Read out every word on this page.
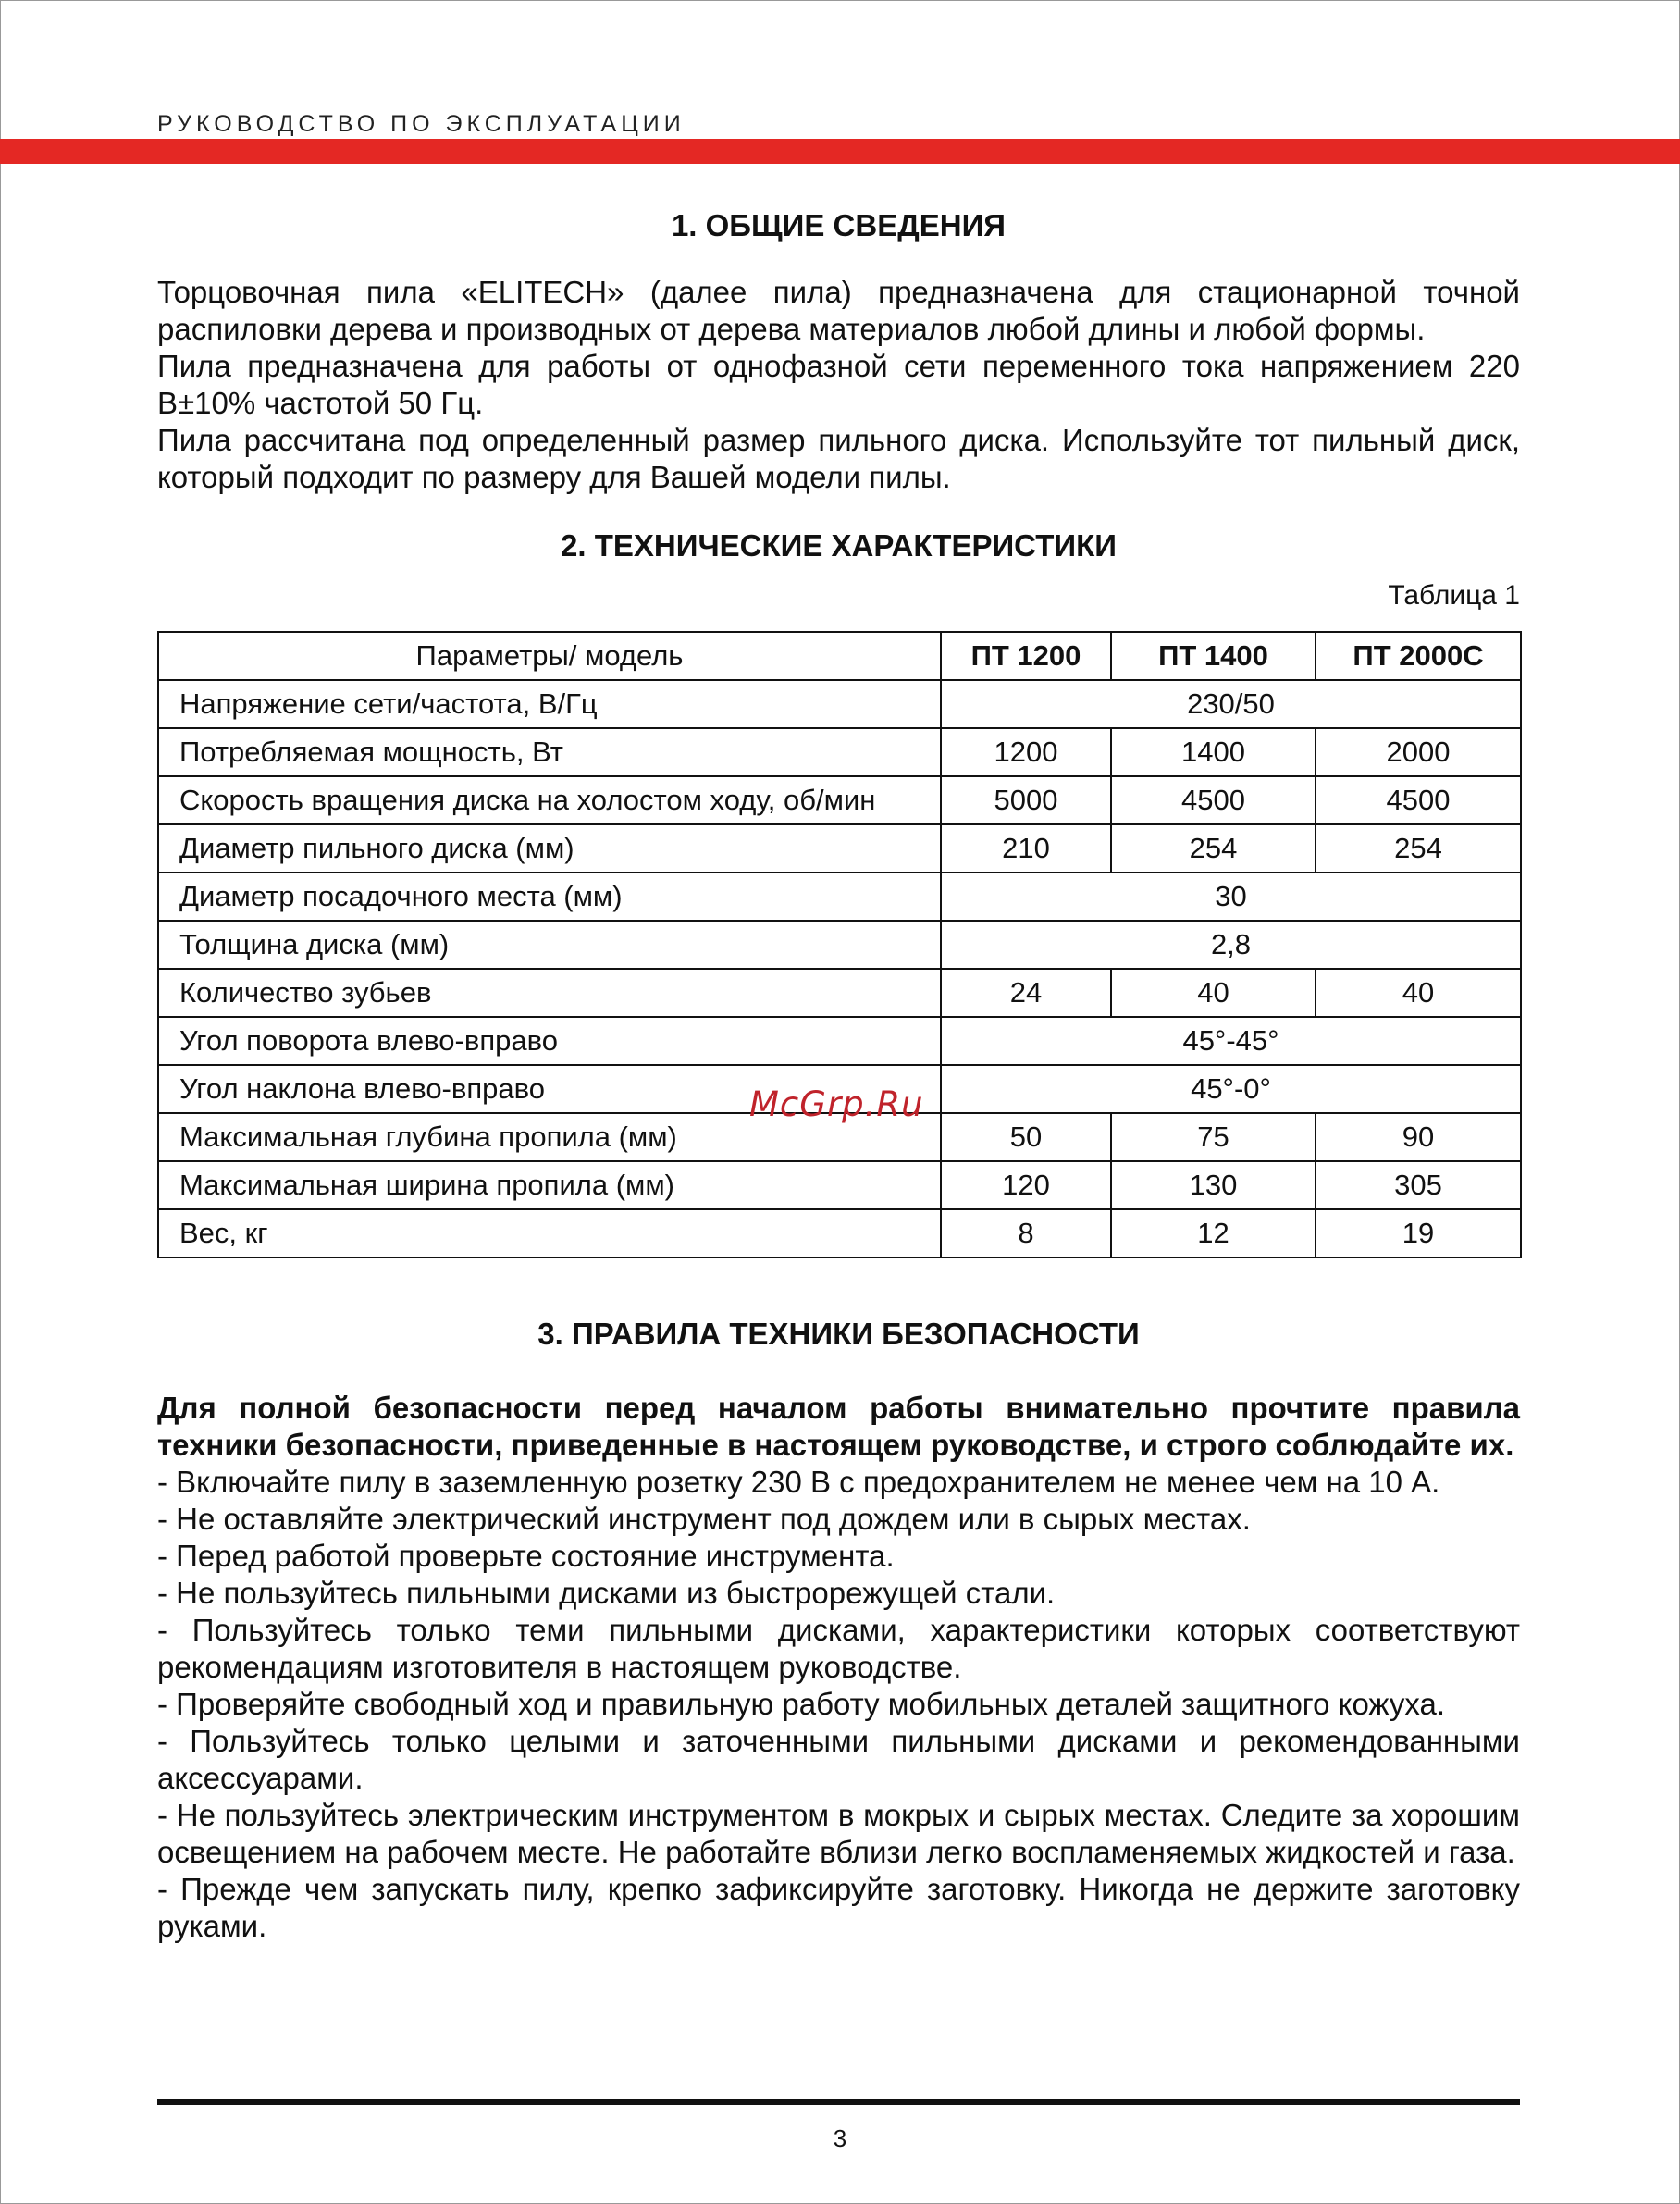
РУКОВОДСТВО ПО ЭКСПЛУАТАЦИИ
1. ОБЩИЕ СВЕДЕНИЯ

Торцовочная пила «ELITECH» (далее пила) предназначена для стационарной точной распиловки дерева и производных от дерева материалов любой длины и любой формы.

Пила предназначена для работы от однофазной сети переменного тока напряжением 220 В±10% частотой 50 Гц.

Пила рассчитана под определенный размер пильного диска. Используйте тот пильный диск, который подходит по размеру для Вашей модели пилы.

2. ТЕХНИЧЕСКИЕ ХАРАКТЕРИСТИКИ
Таблица 1
Параметры/ модель	ПТ 1200	ПТ 1400	ПТ 2000С
Напряжение сети/частота, В/Гц	230/50		
Потребляемая мощность, Вт	1200	1400	2000
Скорость вращения диска на холостом ходу, об/мин	5000	4500	4500
Диаметр пильного диска (мм)	210	254	254
Диаметр посадочного места (мм)	30		
Толщина диска (мм)	2,8		
Количество зубьев	24	40	40
Угол поворота влево-вправо	45°-45°		
Угол наклона влево-вправо	45°-0°		
Максимальная глубина пропила (мм)	50	75	90
Максимальная ширина пропила (мм)	120	130	305
Вес, кг	8	12	19
3. ПРАВИЛА ТЕХНИКИ БЕЗОПАСНОСТИ

Для полной безопасности перед началом работы внимательно прочтите правила техники безопасности, приведенные в настоящем руководстве, и строго соблюдайте их.

- Включайте пилу в заземленную розетку 230 В с предохранителем не менее чем на 10 А.
- Не оставляйте электрический инструмент под дождем или в сырых местах.
- Перед работой проверьте состояние инструмента.
- Не пользуйтесь пильными дисками из быстрорежущей стали.
- Пользуйтесь только теми пильными дисками, характеристики которых соответствуют рекомендациям изготовителя в настоящем руководстве.
- Проверяйте свободный ход и правильную работу мобильных деталей защитного кожуха.
- Пользуйтесь только целыми и заточенными пильными дисками и рекомендованными аксессуарами.
- Не пользуйтесь электрическим инструментом в мокрых и сырых местах. Следите за хорошим освещением на рабочем месте. Не работайте вблизи легко воспламеняемых жидкостей и газа.
- Прежде чем запускать пилу, крепко зафиксируйте заготовку. Никогда не держите заготовку руками.
McGrp.Ru
3
